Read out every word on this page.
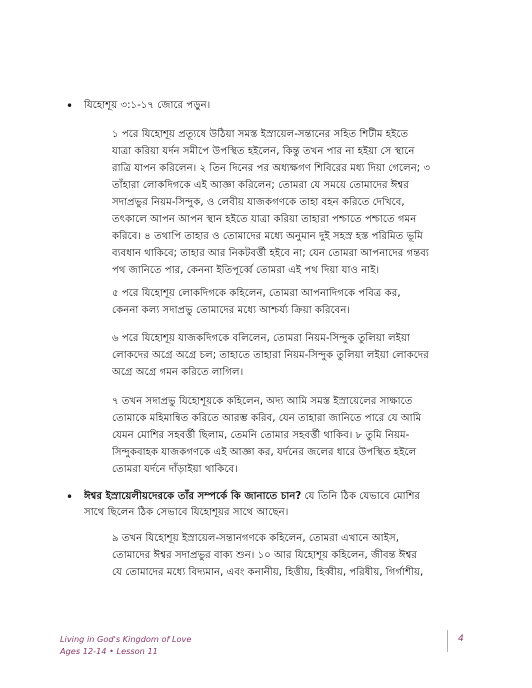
•	যিহোশূয় ৩:১-১৭ জোরে পড়ুন।
১ পরে যিহোশূয় প্রত্যূষে উঠিয়া সমস্ত ইস্রায়েল-সন্তানের সহিত শিটীম হইতে
যাত্রা করিয়া যর্দন সমীপে উপস্থিত হইলেন, কিন্তু তখন পার না হইয়া সে স্থানে
রাত্রি যাপন করিলেন। ২ তিন দিনের পর অধ্যক্ষগণ শিবিরের মধ্য দিয়া গেলেন; ৩
তাঁহারা লোকদিগকে এই আজ্ঞা করিলেন; তোমরা যে সময়ে তোমাদের ঈশ্বর
সদাপ্রভুর নিয়ম-সিন্দুক, ও লেবীয় যাজকগণকে তাহা বহন করিতে দেখিবে,
তৎকালে আপন আপন স্থান হইতে যাত্রা করিয়া তাহারা পশ্চাতে পশ্চাতে গমন
করিবে। ৪ তথাপি তাহার ও তোমাদের মধ্যে অনুমান দুই সহস্র হস্ত পরিমিত ভূমি
ব্যবধান থাকিবে; তাহার আর নিকটবর্ত্তী হইবে না; যেন তোমরা আপনাদের গন্তব্য
পথ জানিতে পার, কেননা ইতিপূর্ব্বে তোমরা এই পথ দিয়া যাও নাই।
৫ পরে যিহোশূয় লোকদিগকে কহিলেন, তোমরা আপনাদিগকে পবিত্র কর,
কেননা কল্য সদাপ্রভু তোমাদের মধ্যে আশ্চর্য্য ক্রিয়া করিবেন।
৬ পরে যিহোশূয় যাজকদিগকে বলিলেন, তোমরা নিয়ম-সিন্দুক তুলিয়া লইয়া
লোকদের অগ্রে অগ্রে চল; তাহাতে তাহারা নিয়ম-সিন্দুক তুলিয়া লইয়া লোকদের
অগ্রে অগ্রে গমন করিতে লাগিল।
৭ তখন সদাপ্রভু যিহোশূয়কে কহিলেন, অদ্য আমি সমস্ত ইস্রায়েলের সাক্ষাতে
তোমাকে মহিমান্বিত করিতে আরম্ভ করিব, যেন তাহারা জানিতে পারে যে আমি
যেমন মোশির সহবর্ত্তী ছিলাম, তেমনি তোমার সহবর্ত্তী থাকিব। ৮ তুমি নিয়ম-
সিন্দুকবাহক যাজকগণকে এই আজ্ঞা কর, যর্দনের জলের ধারে উপস্থিত হইলে
তোমরা যর্দনে দাঁড়াইয়া থাকিবে।
•	ঈশ্বর ইস্রায়েলীয়দেরকে তাঁর সম্পর্কে কি জানাতে চান? যে তিনি ঠিক যেভাবে মোশির
সাথে ছিলেন ঠিক সেভাবে যিহোশূয়র সাথে আছেন।
৯ তখন যিহোশূয় ইস্রায়েল-সন্তানগণকে কহিলেন, তোমরা এখানে আইস,
তোমাদের ঈশ্বর সদাপ্রভুর বাক্য শুন। ১০ আর যিহোশূয় কহিলেন, জীবন্ত ঈশ্বর
যে তোমাদের মধ্যে বিদ্যমান, এবং কনানীয়, হিত্তীয়, হিব্বীয়, পরিষীয়, গির্গাশীয়,
Living in God's Kingdom of Love
Ages 12-14 • Lesson 11
4
